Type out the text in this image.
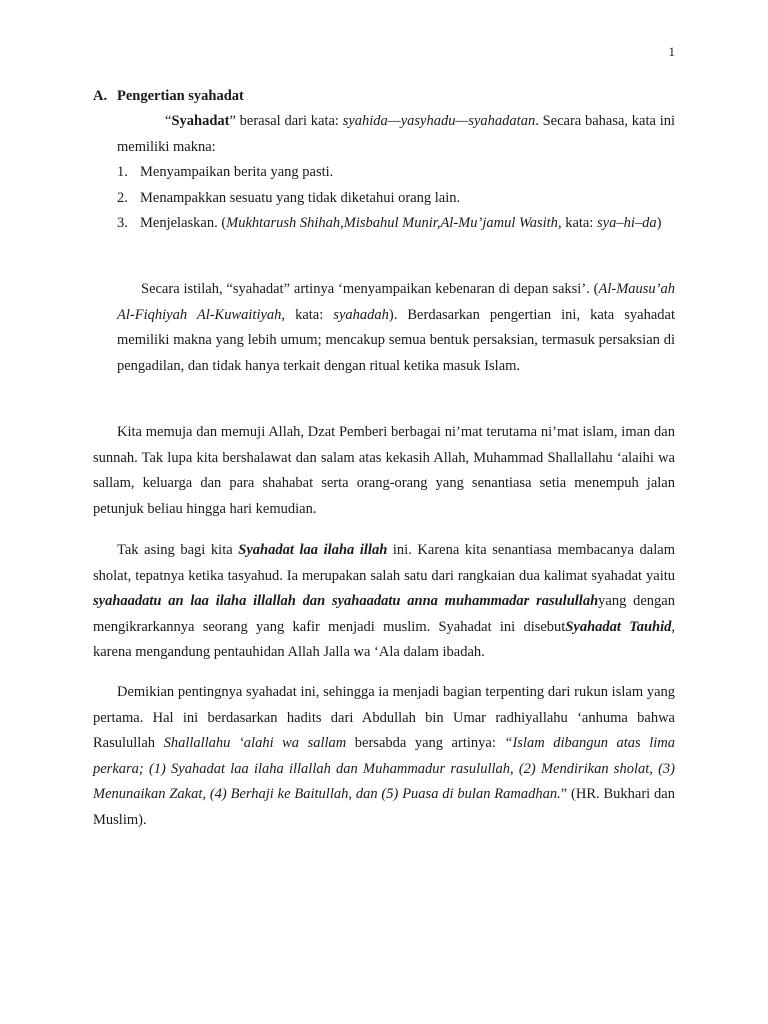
1
A. Pengertian syahadat

“Syahadat” berasal dari kata: syahida—yasyhadu—syahadatan. Secara bahasa, kata ini memiliki makna:

1. Menyampaikan berita yang pasti.
2. Menampakkan sesuatu yang tidak diketahui orang lain.
3. Menjelaskan. (Mukhtarush Shihah,Misbahul Munir,Al-Mu’jamul Wasith, kata: sya–hi–da)

Secara istilah, “syahadat” artinya ‘menyampaikan kebenaran di depan saksi’. (Al-Mausu’ah Al-Fiqhiyah Al-Kuwaitiyah, kata: syahadah). Berdasarkan pengertian ini, kata syahadat memiliki makna yang lebih umum; mencakup semua bentuk persaksian, termasuk persaksian di pengadilan, dan tidak hanya terkait dengan ritual ketika masuk Islam.

Kita memuja dan memuji Allah, Dzat Pemberi berbagai ni’mat terutama ni’mat islam, iman dan sunnah. Tak lupa kita bershalawat dan salam atas kekasih Allah, Muhammad Shallallahu ‘alaihi wa sallam, keluarga dan para shahabat serta orang-orang yang senantiasa setia menempuh jalan petunjuk beliau hingga hari kemudian.

Tak asing bagi kita Syahadat laa ilaha illah ini. Karena kita senantiasa membacanya dalam sholat, tepatnya ketika tasyahud. Ia merupakan salah satu dari rangkaian dua kalimat syahadat yaitu syahaadatu an laa ilaha illallah dan syahaadatu anna muhammadar rasulullahyang dengan mengikrarkannya seorang yang kafir menjadi muslim. Syahadat ini disebutSyahadat Tauhid, karena mengandung pentauhidan Allah Jalla wa ‘Ala dalam ibadah.

Demikian pentingnya syahadat ini, sehingga ia menjadi bagian terpenting dari rukun islam yang pertama. Hal ini berdasarkan hadits dari Abdullah bin Umar radhiyallahu ‘anhuma bahwa Rasulullah Shallallahu ‘alahi wa sallam bersabda yang artinya: “Islam dibangun atas lima perkara; (1) Syahadat laa ilaha illallah dan Muhammadur rasulullah, (2) Mendirikan sholat, (3) Menunaikan Zakat, (4) Berhaji ke Baitullah, dan (5) Puasa di bulan Ramadhan.” (HR. Bukhari dan Muslim).
